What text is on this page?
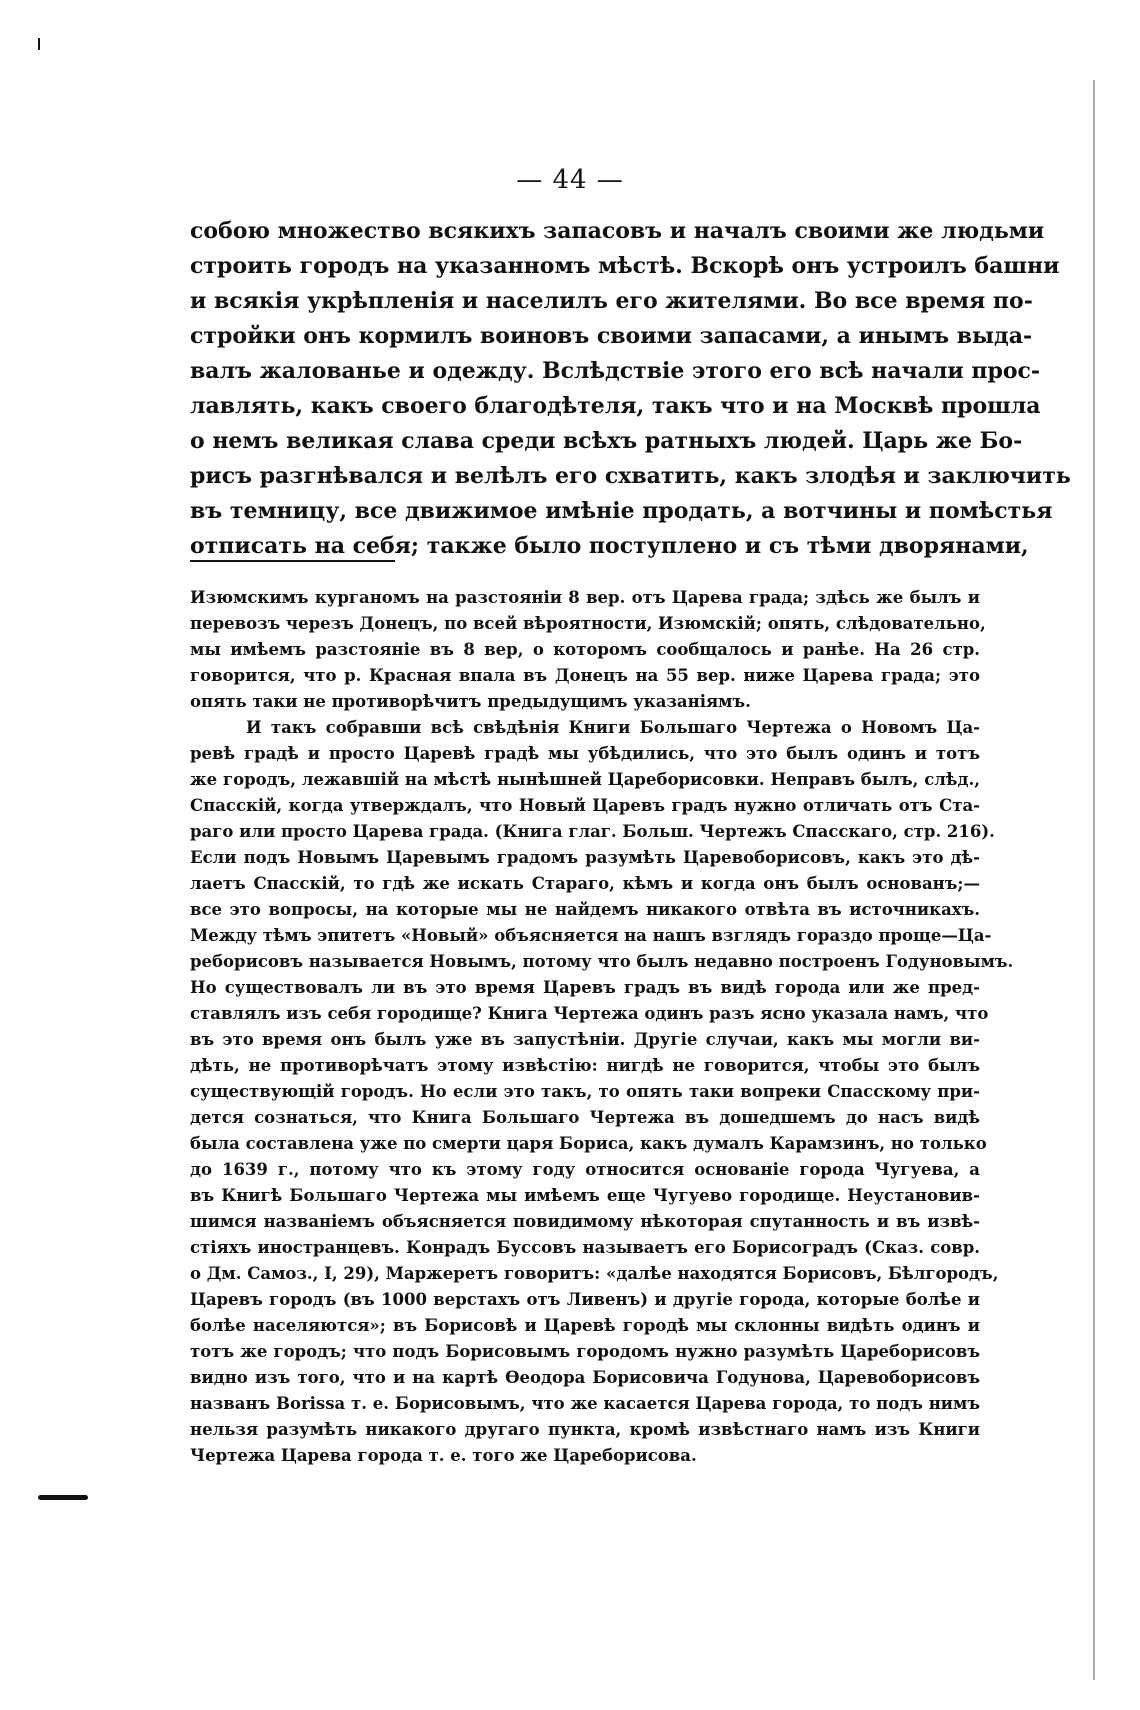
— 44 —
собою множество всякихъ запасовъ и началъ своими же людьми
строить городъ на указанномъ мѣстѣ. Вскорѣ онъ устроилъ башни
и всякія укрѣпленія и населилъ его жителями. Во все время по-
стройки онъ кормилъ воиновъ своими запасами, а инымъ выда-
валъ жалованье и одежду. Вслѣдствіе этого его всѣ начали прос-
лавлять, какъ своего благодѣтеля, такъ что и на Москвѣ прошла
о немъ великая слава среди всѣхъ ратныхъ людей. Царь же Бо-
рисъ разгнѣвался и велѣлъ его схватить, какъ злодѣя и заключить
въ темницу, все движимое имѣніе продать, а вотчины и помѣстья
отписать на себя; также было поступлено и съ тѣми дворянами,
Изюмскимъ курганомъ на разстояніи 8 вер. отъ Царева града; здѣсь же былъ и
перевозъ черезъ Донецъ, по всей вѣроятности, Изюмскій; опять, слѣдовательно,
мы имѣемъ разстояніе въ 8 вер, о которомъ сообщалось и ранѣе. На 26 стр.
говорится, что р. Красная впала въ Донецъ на 55 вер. ниже Царева града; это
опять таки не противорѣчитъ предыдущимъ указаніямъ.
И такъ собравши всѣ свѣдѣнія Книги Большаго Чертежа о Новомъ Ца-
ревѣ градѣ и просто Царевѣ градѣ мы убѣдились, что это былъ одинъ и тотъ
же городъ, лежавшій на мѣстѣ нынѣшней Цареборисовки. Неправъ былъ, слѣд.,
Спасскій, когда утверждалъ, что Новый Царевъ градъ нужно отличать отъ Ста-
раго или просто Царева града. (Книга глаг. Больш. Чертежъ Спасскаго, стр. 216).
Если подъ Новымъ Царевымъ градомъ разумѣть Царевоборисовъ, какъ это дѣ-
лаетъ Спасскій, то гдѣ же искать Стараго, кѣмъ и когда онъ былъ основанъ;—
все это вопросы, на которые мы не найдемъ никакого отвѣта въ источникахъ.
Между тѣмъ эпитетъ «Новый» объясняется на нашъ взглядъ гораздо проще—Ца-
реборисовъ называется Новымъ, потому что былъ недавно построенъ Годуновымъ.
Но существовалъ ли въ это время Царевъ градъ въ видѣ города или же пред-
ставлялъ изъ себя городище? Книга Чертежа одинъ разъ ясно указала намъ, что
въ это время онъ былъ уже въ запустѣніи. Другіе случаи, какъ мы могли ви-
дѣть, не противорѣчатъ этому извѣстію: нигдѣ не говорится, чтобы это былъ
существующій городъ. Но если это такъ, то опять таки вопреки Спасскому при-
дется сознаться, что Книга Большаго Чертежа въ дошедшемъ до насъ видѣ
была составлена уже по смерти царя Бориса, какъ думалъ Карамзинъ, но только
до 1639 г., потому что къ этому году относится основаніе города Чугуева, а
въ Книгѣ Большаго Чертежа мы имѣемъ еще Чугуево городище. Неустановив-
шимся названіемъ объясняется повидимому нѣкоторая спутанность и въ извѣ-
стіяхъ иностранцевъ. Конрадъ Буссовъ называетъ его Борисоградъ (Сказ. совр.
о Дм. Самоз., I, 29), Маржеретъ говоритъ: «далѣе находятся Борисовъ, Бѣлгородъ,
Царевъ городъ (въ 1000 верстахъ отъ Ливенъ) и другіе города, которые болѣе и
болѣе населяются»; въ Борисовѣ и Царевѣ городѣ мы склонны видѣть одинъ и
тотъ же городъ; что подъ Борисовымъ городомъ нужно разумѣть Цареборисовъ
видно изъ того, что и на картѣ Ѳеодора Борисовича Годунова, Царевоборисовъ
названъ Borissa т. е. Борисовымъ, что же касается Царева города, то подъ нимъ
нельзя разумѣть никакого другаго пункта, кромѣ извѣстнаго намъ изъ Книги
Чертежа Царева города т. е. того же Цареборисова.
